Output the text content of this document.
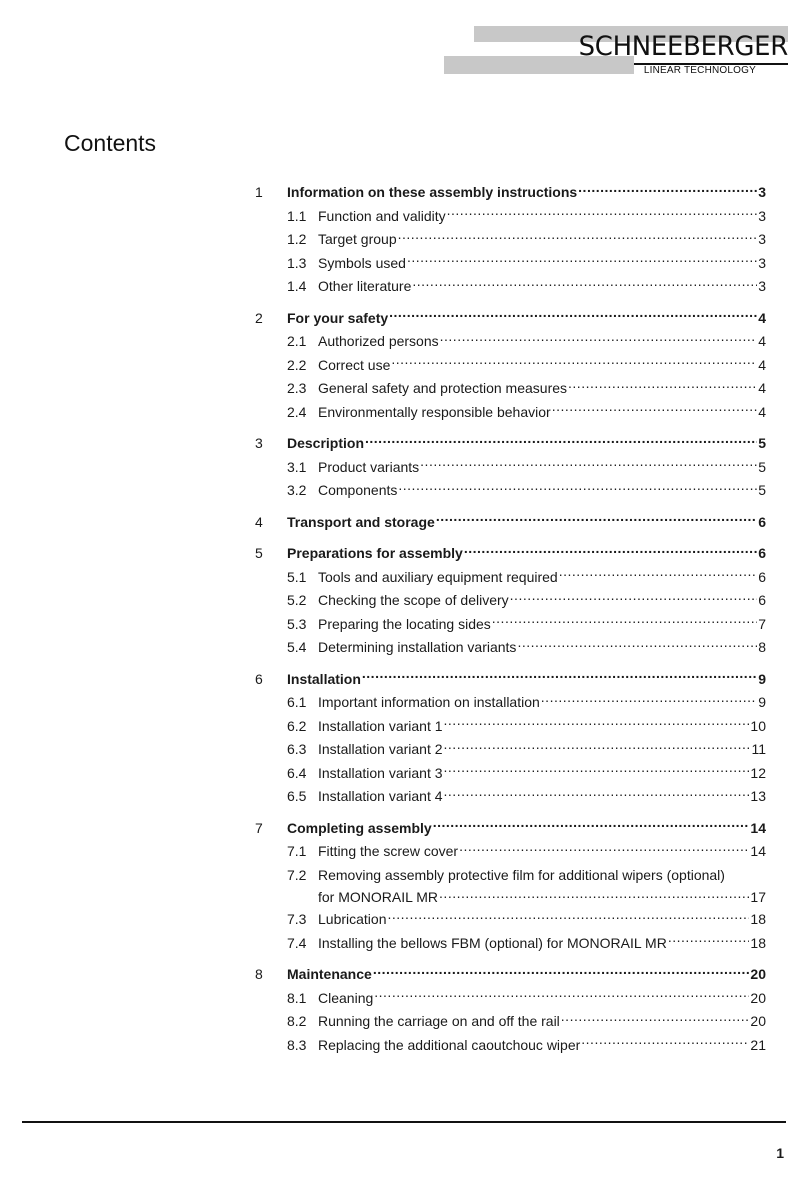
SCHNEEBERGER
LINEAR TECHNOLOGY
Contents
1	Information on these assembly instructions .....	3
1.1 Function and validity .....	3
1.2 Target group .....	3
1.3 Symbols used .....	3
1.4 Other literature .....	3
2	For your safety .....	4
2.1 Authorized persons .....	4
2.2 Correct use .....	4
2.3 General safety and protection measures .....	4
2.4 Environmentally responsible behavior .....	4
3	Description .....	5
3.1 Product variants .....	5
3.2 Components .....	5
4	Transport and storage .....	6
5	Preparations for assembly .....	6
5.1 Tools and auxiliary equipment required .....	6
5.2 Checking the scope of delivery .....	6
5.3 Preparing the locating sides .....	7
5.4 Determining installation variants .....	8
6	Installation .....	9
6.1 Important information on installation .....	9
6.2 Installation variant 1 .....	10
6.3 Installation variant 2 .....	11
6.4 Installation variant 3 .....	12
6.5 Installation variant 4 .....	13
7	Completing assembly .....	14
7.1 Fitting the screw cover .....	14
7.2 Removing assembly protective film for additional wipers (optional)
for MONORAIL MR .....	17
7.3 Lubrication .....	18
7.4 Installing the bellows FBM (optional) for MONORAIL MR .....	18
8	Maintenance .....	20
8.1 Cleaning .....	20
8.2 Running the carriage on and off the rail .....	20
8.3 Replacing the additional caoutchouc wiper .....	21
1
